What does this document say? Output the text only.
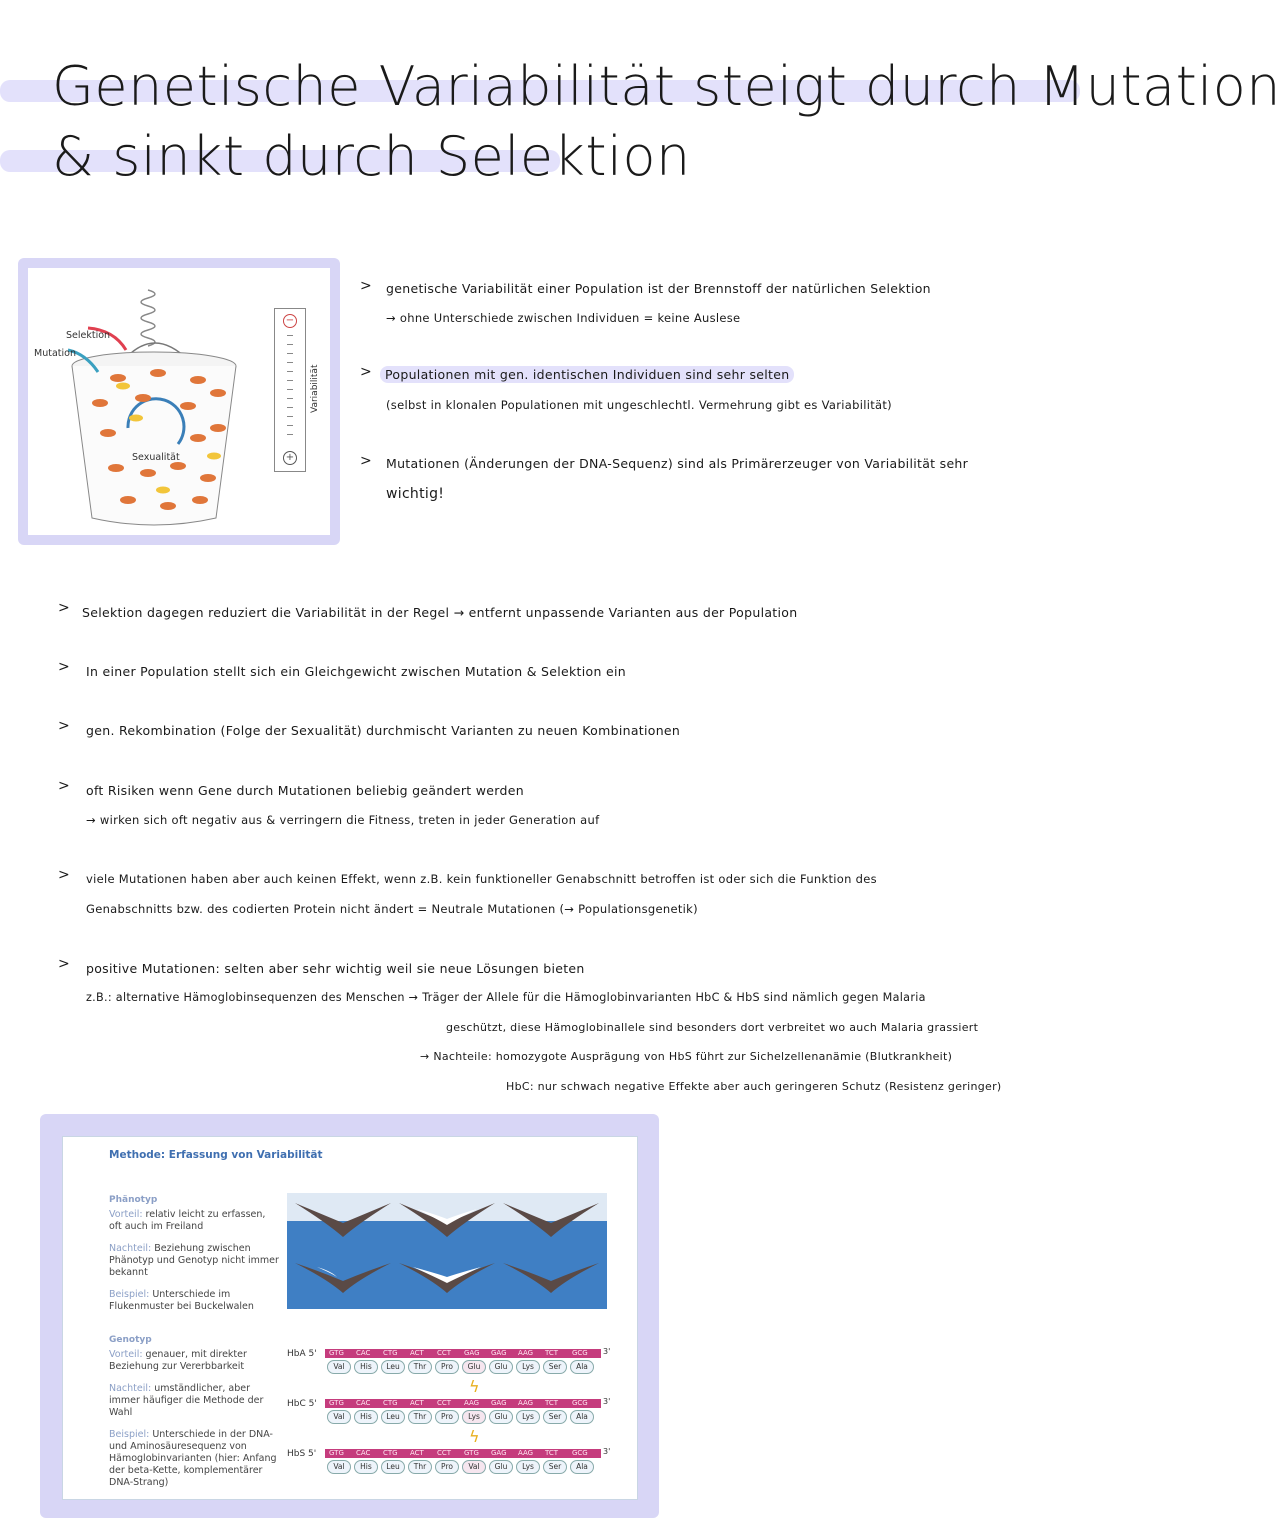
Genetische Variabilität steigt durch Mutation
& sinkt durch Selektion
Selektion
Mutation
Sexualität
−
+
Variabilität
> genetische Variabilität einer Population ist der Brennstoff der natürlichen Selektion
→ ohne Unterschiede zwischen Individuen = keine Auslese
>	Populationen mit gen. identischen Individuen sind sehr selten
(selbst in klonalen Populationen mit ungeschlechtl. Vermehrung gibt es Variabilität)
> Mutationen (Änderungen der DNA-Sequenz) sind als Primärerzeuger von Variabilität sehr
wichtig!
> Selektion dagegen reduziert die Variabilität in der Regel → entfernt unpassende Varianten aus der Population
> In einer Population stellt sich ein Gleichgewicht zwischen Mutation & Selektion ein
> gen. Rekombination (Folge der Sexualität) durchmischt Varianten zu neuen Kombinationen
> oft Risiken wenn Gene durch Mutationen beliebig geändert werden
→ wirken sich oft negativ aus & verringern die Fitness, treten in jeder Generation auf
> viele Mutationen haben aber auch keinen Effekt, wenn z.B. kein funktioneller Genabschnitt betroffen ist oder sich die Funktion des
Genabschnitts bzw. des codierten Protein nicht ändert = Neutrale Mutationen (→ Populationsgenetik)
> positive Mutationen: selten aber sehr wichtig weil sie neue Lösungen bieten
z.B.: alternative Hämoglobinsequenzen des Menschen → Träger der Allele für die Hämoglobinvarianten HbC & HbS sind nämlich gegen Malaria
geschützt, diese Hämoglobinallele sind besonders dort verbreitet wo auch Malaria grassiert
→ Nachteile: homozygote Ausprägung von HbS führt zur Sichelzellenanämie (Blutkrankheit)
HbC: nur schwach negative Effekte aber auch geringeren Schutz (Resistenz geringer)
Methode: Erfassung von Variabilität
Phänotyp
Vorteil: relativ leicht zu erfassen, oft auch im Freiland
Nachteil: Beziehung zwischen Phänotyp und Genotyp nicht immer bekannt
Beispiel: Unterschiede im Flukenmuster bei Buckelwalen
Genotyp
Vorteil: genauer, mit direkter Beziehung zur Vererbbarkeit
Nachteil: umständlicher, aber immer häufiger die Methode der Wahl
Beispiel: Unterschiede in der DNA- und Aminosäuresequenz von Hämoglobinvarianten (hier: Anfang der beta-Kette, komplementärer DNA-Strang)
HbA 5' GTG CAC CTG ACT CCT GAG GAG AAG TCT GCG 3'
Val	His	Leu	Thr	Pro	Glu	Glu	Lys	Ser	Ala
HbC 5' GTG CAC CTG ACT CCT AAG GAG AAG TCT GCG 3'
Val	His	Leu	Thr	Pro	Lys	Glu	Lys	Ser	Ala
HbS 5' GTG CAC CTG ACT CCT GTG GAG AAG TCT GCG 3'
Val	His	Leu	Thr	Pro	Val	Glu	Lys	Ser	Ala
ϟ
ϟ
